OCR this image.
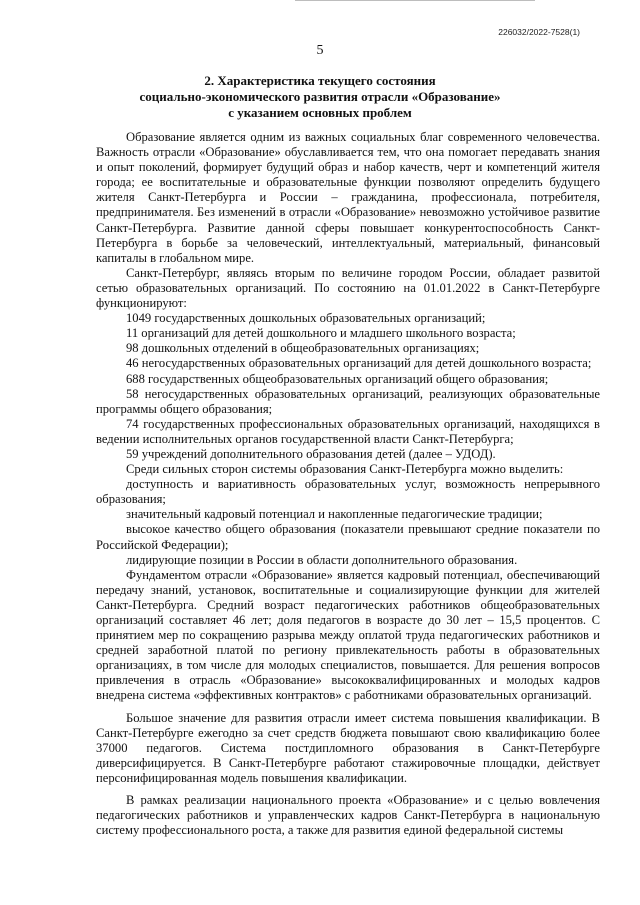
226032/2022-7528(1)
5
2. Характеристика текущего состояния
социально-экономического развития отрасли «Образование»
с указанием основных проблем

Образование является одним из важных социальных благ современного человечества. Важность отрасли «Образование» обуславливается тем, что она помогает передавать знания и опыт поколений, формирует будущий образ и набор качеств, черт и компетенций жителя города; ее воспитательные и образовательные функции позволяют определить будущего жителя Санкт-Петербурга и России – гражданина, профессионала, потребителя, предпринимателя. Без изменений в отрасли «Образование» невозможно устойчивое развитие Санкт-Петербурга. Развитие данной сферы повышает конкурентоспособность Санкт-Петербурга в борьбе за человеческий, интеллектуальный, материальный, финансовый капиталы в глобальном мире.

Санкт-Петербург, являясь вторым по величине городом России, обладает развитой сетью образовательных организаций. По состоянию на 01.01.2022 в Санкт-Петербурге функционируют:

1049 государственных дошкольных образовательных организаций;

11 организаций для детей дошкольного и младшего школьного возраста;

98 дошкольных отделений в общеобразовательных организациях;

46 негосударственных образовательных организаций для детей дошкольного возраста;

688 государственных общеобразовательных организаций общего образования;

58 негосударственных образовательных организаций, реализующих образовательные программы общего образования;

74 государственных профессиональных образовательных организаций, находящихся в ведении исполнительных органов государственной власти Санкт-Петербурга;

59 учреждений дополнительного образования детей (далее – УДОД).

Среди сильных сторон системы образования Санкт-Петербурга можно выделить:

доступность и вариативность образовательных услуг, возможность непрерывного образования;

значительный кадровый потенциал и накопленные педагогические традиции;

высокое качество общего образования (показатели превышают средние показатели по Российской Федерации);

лидирующие позиции в России в области дополнительного образования.

Фундаментом отрасли «Образование» является кадровый потенциал, обеспечивающий передачу знаний, установок, воспитательные и социализирующие функции для жителей Санкт-Петербурга. Средний возраст педагогических работников общеобразовательных организаций составляет 46 лет; доля педагогов в возрасте до 30 лет – 15,5 процентов. С принятием мер по сокращению разрыва между оплатой труда педагогических работников и средней заработной платой по региону привлекательность работы в образовательных организациях, в том числе для молодых специалистов, повышается. Для решения вопросов привлечения в отрасль «Образование» высококвалифицированных и молодых кадров внедрена система «эффективных контрактов» с работниками образовательных организаций.

Большое значение для развития отрасли имеет система повышения квалификации. В Санкт-Петербурге ежегодно за счет средств бюджета повышают свою квалификацию более 37000 педагогов. Система постдипломного образования в Санкт-Петербурге диверсифицируется. В Санкт-Петербурге работают стажировочные площадки, действует персонифицированная модель повышения квалификации.

В рамках реализации национального проекта «Образование» и с целью вовлечения педагогических работников и управленческих кадров Санкт-Петербурга в национальную систему профессионального роста, а также для развития единой федеральной системы
